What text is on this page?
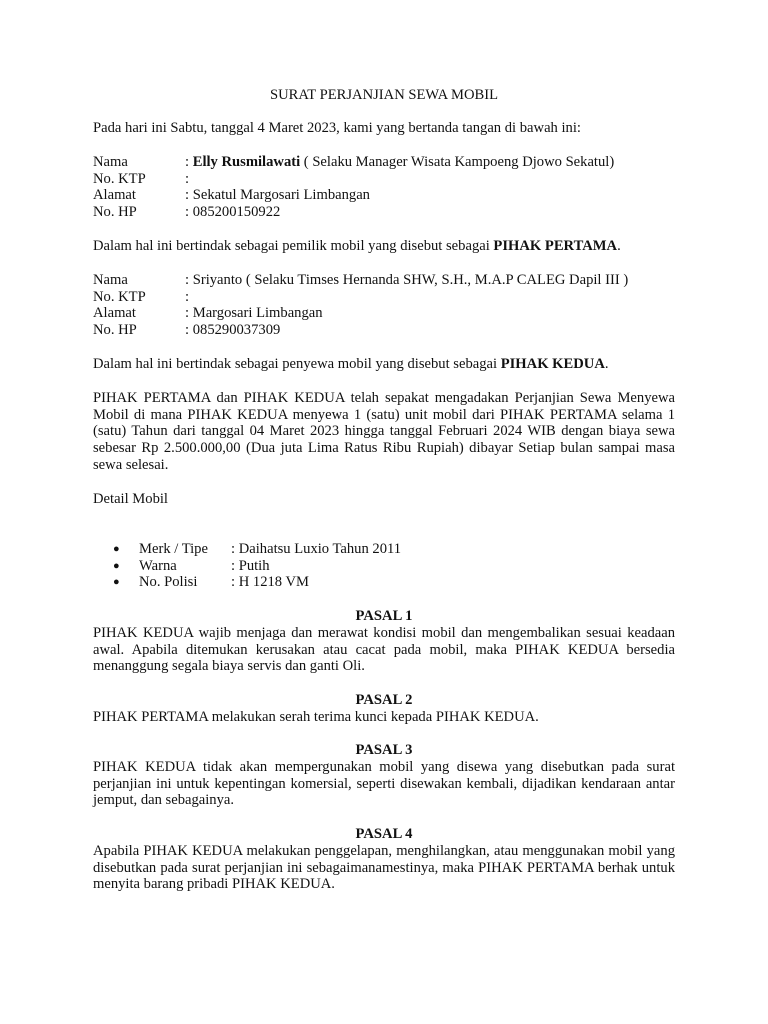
SURAT PERJANJIAN SEWA MOBIL
Pada hari ini Sabtu, tanggal 4 Maret 2023, kami yang bertanda tangan di bawah ini:
Nama	: Elly Rusmilawati ( Selaku Manager Wisata Kampoeng Djowo Sekatul)
No. KTP	:
Alamat	: Sekatul Margosari Limbangan
No. HP	: 085200150922
Dalam hal ini bertindak sebagai pemilik mobil yang disebut sebagai PIHAK PERTAMA.
Nama	: Sriyanto ( Selaku Timses Hernanda SHW, S.H., M.A.P CALEG Dapil III )
No. KTP	:
Alamat	: Margosari Limbangan
No. HP	: 085290037309
Dalam hal ini bertindak sebagai penyewa mobil yang disebut sebagai PIHAK KEDUA.
PIHAK PERTAMA dan PIHAK KEDUA telah sepakat mengadakan Perjanjian Sewa Menyewa Mobil di mana PIHAK KEDUA menyewa 1 (satu) unit mobil dari PIHAK PERTAMA selama 1 (satu) Tahun dari tanggal 04 Maret 2023 hingga tanggal Februari 2024 WIB dengan biaya sewa sebesar Rp 2.500.000,00 (Dua juta Lima Ratus Ribu Rupiah) dibayar Setiap bulan sampai masa sewa selesai.
Detail Mobil
●	Merk / Tipe	: Daihatsu Luxio Tahun 2011
●	Warna	: Putih
●	No. Polisi	: H 1218 VM
PASAL 1
PIHAK KEDUA wajib menjaga dan merawat kondisi mobil dan mengembalikan sesuai keadaan awal. Apabila ditemukan kerusakan atau cacat pada mobil, maka PIHAK KEDUA bersedia menanggung segala biaya servis dan ganti Oli.
PASAL 2
PIHAK PERTAMA melakukan serah terima kunci kepada PIHAK KEDUA.
PASAL 3
PIHAK KEDUA tidak akan mempergunakan mobil yang disewa yang disebutkan pada surat perjanjian ini untuk kepentingan komersial, seperti disewakan kembali, dijadikan kendaraan antar jemput, dan sebagainya.
PASAL 4
Apabila PIHAK KEDUA melakukan penggelapan, menghilangkan, atau menggunakan mobil yang disebutkan pada surat perjanjian ini sebagaimanamestinya, maka PIHAK PERTAMA berhak untuk menyita barang pribadi PIHAK KEDUA.
